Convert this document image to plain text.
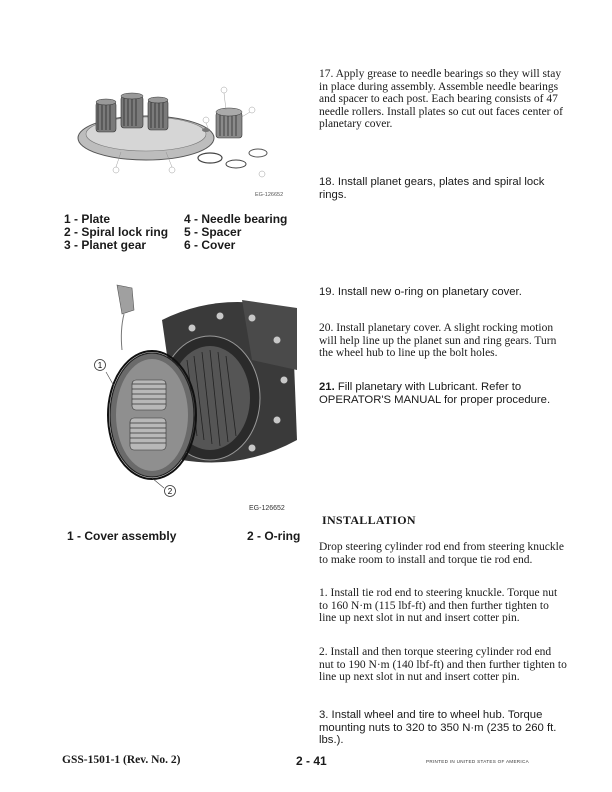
EG-126652
1 - Plate	4 - Needle bearing
2 - Spiral lock ring	5 - Spacer
3 - Planet gear	6 - Cover
1
2
EG-126652
1 - Cover assembly	2 - O-ring
17. Apply grease to needle bearings so they will stay in place during assembly. Assemble needle bearings and spacer to each post. Each bearing consists of 47 needle rollers. Install plates so cut out faces center of planetary cover.
18. Install planet gears, plates and spiral lock rings.
19. Install new o-ring on planetary cover.
20. Install planetary cover. A slight rocking motion will help line up the planet sun and ring gears. Turn the wheel hub to line up the bolt holes.
21. Fill planetary with Lubricant. Refer to OPERATOR'S MANUAL for proper procedure.
INSTALLATION
Drop steering cylinder rod end from steering knuckle to make room to install and torque tie rod end.
1. Install tie rod end to steering knuckle. Torque nut to 160 N·m (115 lbf-ft) and then further tighten to line up next slot in nut and insert cotter pin.
2. Install and then torque steering cylinder rod end nut to 190 N·m (140 lbf-ft) and then further tighten to line up next slot in nut and insert cotter pin.
3. Install wheel and tire to wheel hub. Torque mounting nuts to 320 to 350 N·m (235 to 260 ft. lbs.).
GSS-1501-1 (Rev. No. 2)	2 - 41	PRINTED IN UNITED STATES OF AMERICA
